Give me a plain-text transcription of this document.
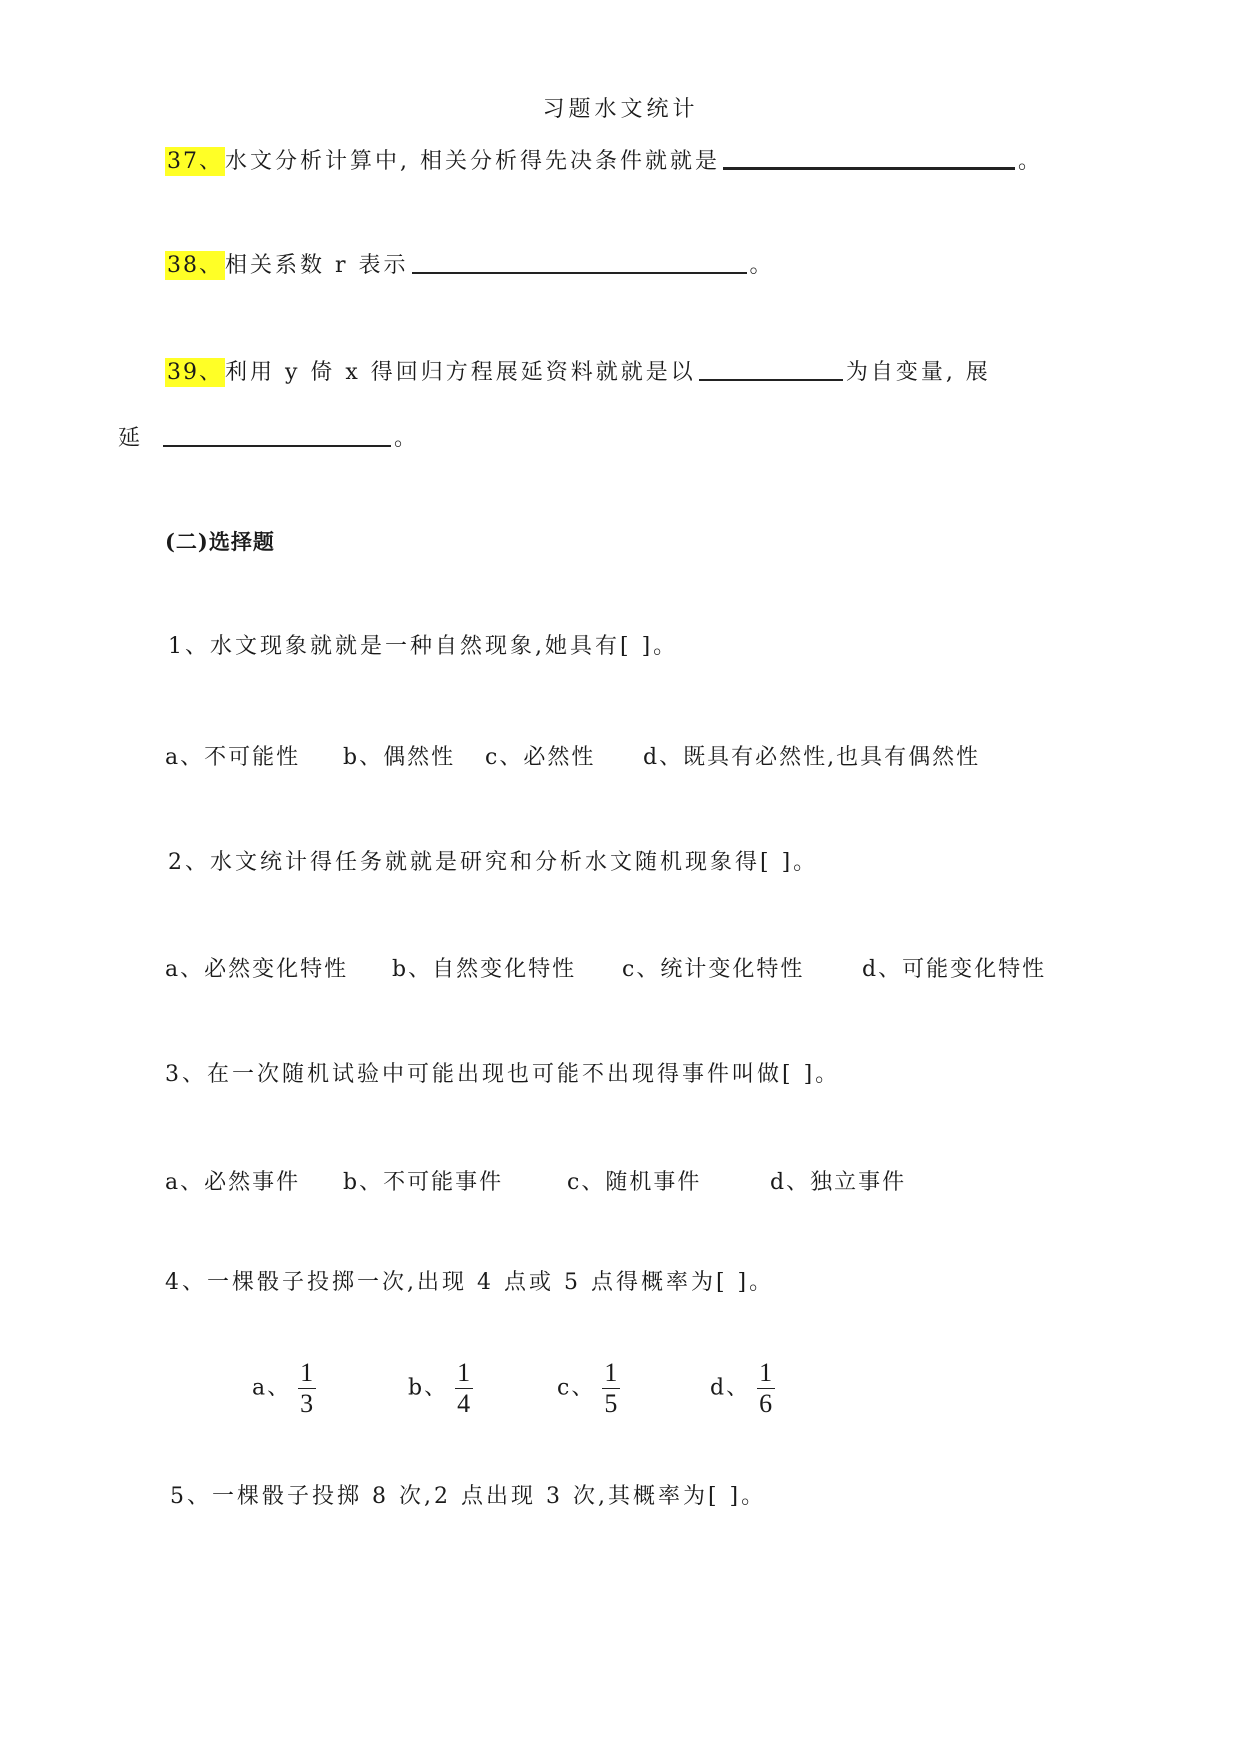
习题水文统计
37、水文分析计算中, 相关分析得先决条件就就是	。
38、相关系数 r 表示	。
39、利用 y 倚 x 得回归方程展延资料就就是以	为自变量, 展
延	。
(二)选择题
1、水文现象就就是一种自然现象,她具有[ ]。
a、不可能性 b、偶然性 c、必然性 d、既具有必然性,也具有偶然性
2、水文统计得任务就就是研究和分析水文随机现象得[ ]。
a、必然变化特性 b、自然变化特性 c、统计变化特性	d、可能变化特性
3、在一次随机试验中可能出现也可能不出现得事件叫做[ ]。
a、必然事件 b、不可能事件	c、随机事件	d、独立事件
4、一棵骰子投掷一次,出现 4 点或 5 点得概率为[ ]。
a、 $\frac{1}{3}$	b、 $\frac{1}{4}$	c、 $\frac{1}{5}$	d、 $\frac{1}{6}$
5、一棵骰子投掷 8 次,2 点出现 3 次,其概率为[ ]。
